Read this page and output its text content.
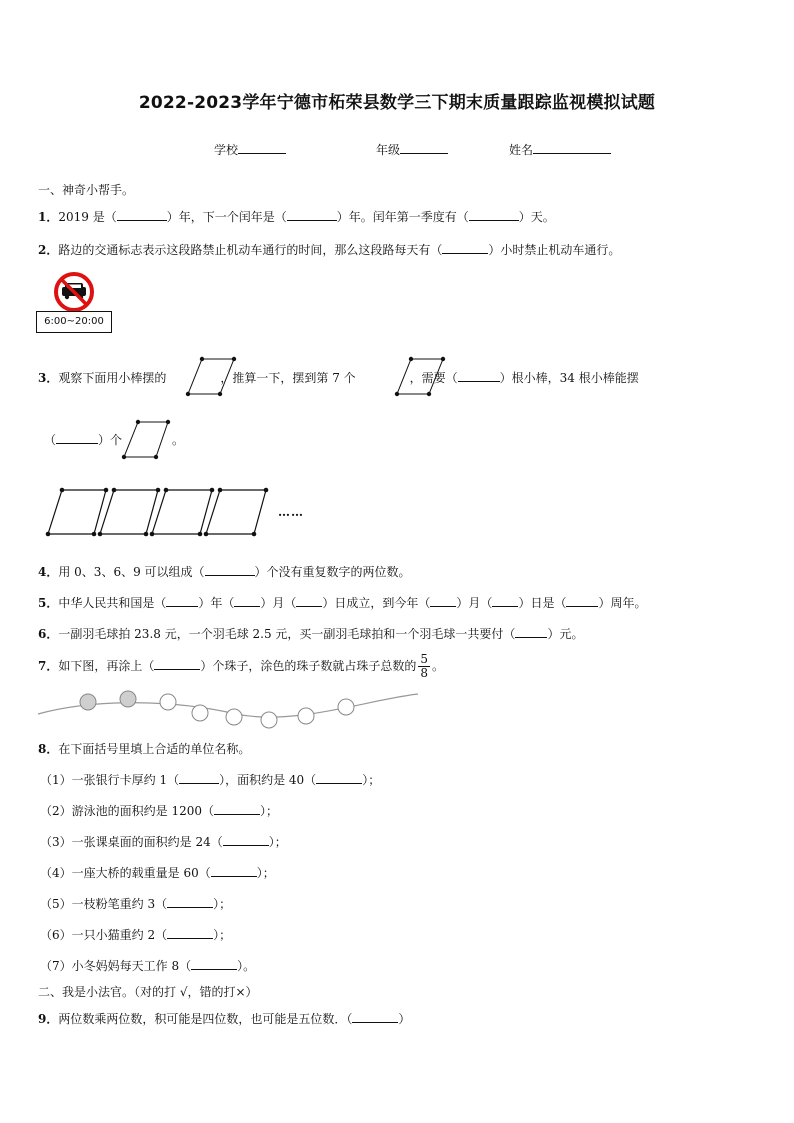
2022-2023学年宁德市柘荣县数学三下期末质量跟踪监视模拟试题
学校	年级	姓名
一、神奇小帮手。
1．2019 是（	）年，下一个闰年是（	）年。闰年第一季度有（	）天。
2．路边的交通标志表示这段路禁止机动车通行的时间，那么这段路每天有（	）小时禁止机动车通行。
6:00~20:00
3．观察下面用小棒摆的	，推算一下，摆到第 7 个	，需要（	）根小棒，34 根小棒能摆
（	）个	。
……
4．用 0、3、6、9 可以组成（	）个没有重复数字的两位数。
5．中华人民共和国是（	）年（ ）月（ ）日成立，到今年（ ）月（ ）日是（	）周年。
6．一副羽毛球拍 23.8 元，一个羽毛球 2.5 元，买一副羽毛球拍和一个羽毛球一共要付（	）元。
7．如下图，再涂上（	）个珠子，涂色的珠子数就占珠子总数的 $\frac{5}{8}$ 。
8．在下面括号里填上合适的单位名称。
（1）一张银行卡厚约 1（	），面积约是 40（	）；
（2）游泳池的面积约是 1200（	）；
（3）一张课桌面的面积约是 24（	）；
（4）一座大桥的载重量是 60（	）；
（5）一枝粉笔重约 3（	）；
（6）一只小猫重约 2（	）；
（7）小冬妈妈每天工作 8（	）。
二、我是小法官。（对的打 √，错的打×）
9．两位数乘两位数，积可能是四位数，也可能是五位数．（	）
